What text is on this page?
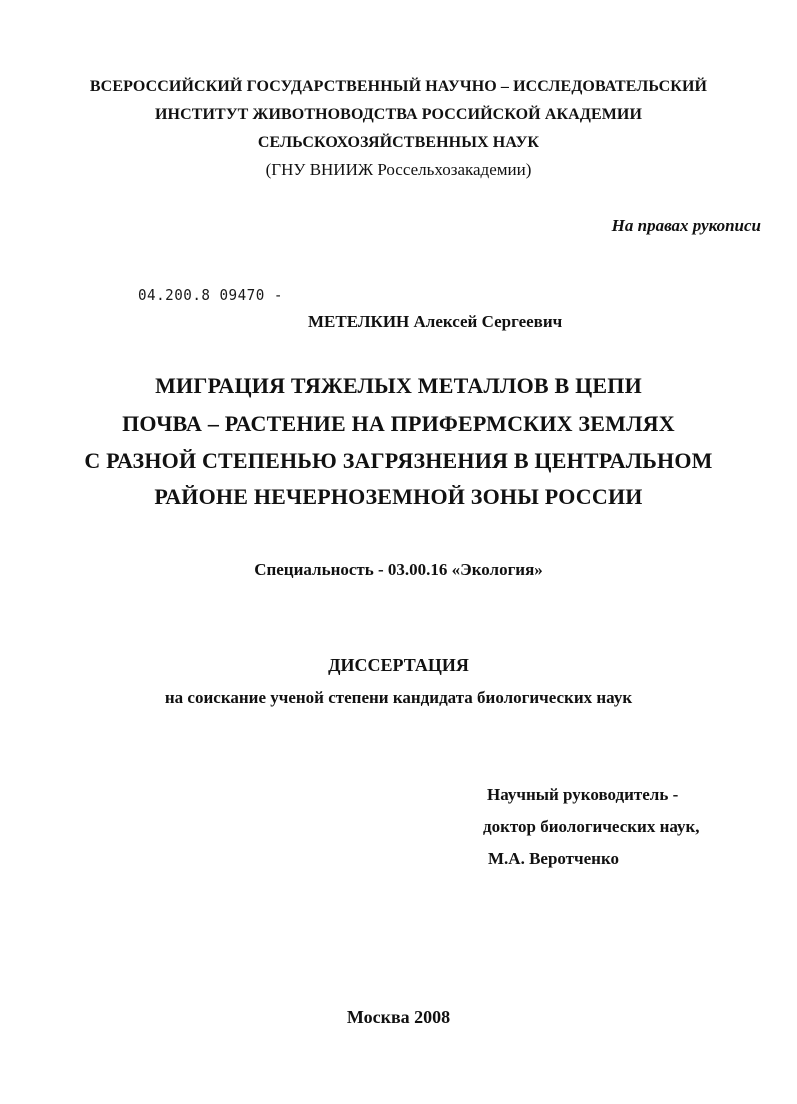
ВСЕРОССИЙСКИЙ ГОСУДАРСТВЕННЫЙ НАУЧНО – ИССЛЕДОВАТЕЛЬСКИЙ
ИНСТИТУТ ЖИВОТНОВОДСТВА РОССИЙСКОЙ АКАДЕМИИ
СЕЛЬСКОХОЗЯЙСТВЕННЫХ НАУК
(ГНУ ВНИИЖ Россельхозакадемии)
На правах рукописи
04.200.8 09470 -
МЕТЕЛКИН Алексей Сергеевич
МИГРАЦИЯ ТЯЖЕЛЫХ МЕТАЛЛОВ В ЦЕПИ
ПОЧВА – РАСТЕНИЕ НА ПРИФЕРМСКИХ ЗЕМЛЯХ
С РАЗНОЙ СТЕПЕНЬЮ ЗАГРЯЗНЕНИЯ В ЦЕНТРАЛЬНОМ
РАЙОНЕ НЕЧЕРНОЗЕМНОЙ ЗОНЫ РОССИИ
Специальность - 03.00.16 «Экология»
ДИССЕРТАЦИЯ
на соискание ученой степени кандидата биологических наук
Научный руководитель -
доктор биологических наук,
М.А. Веротченко
Москва 2008
